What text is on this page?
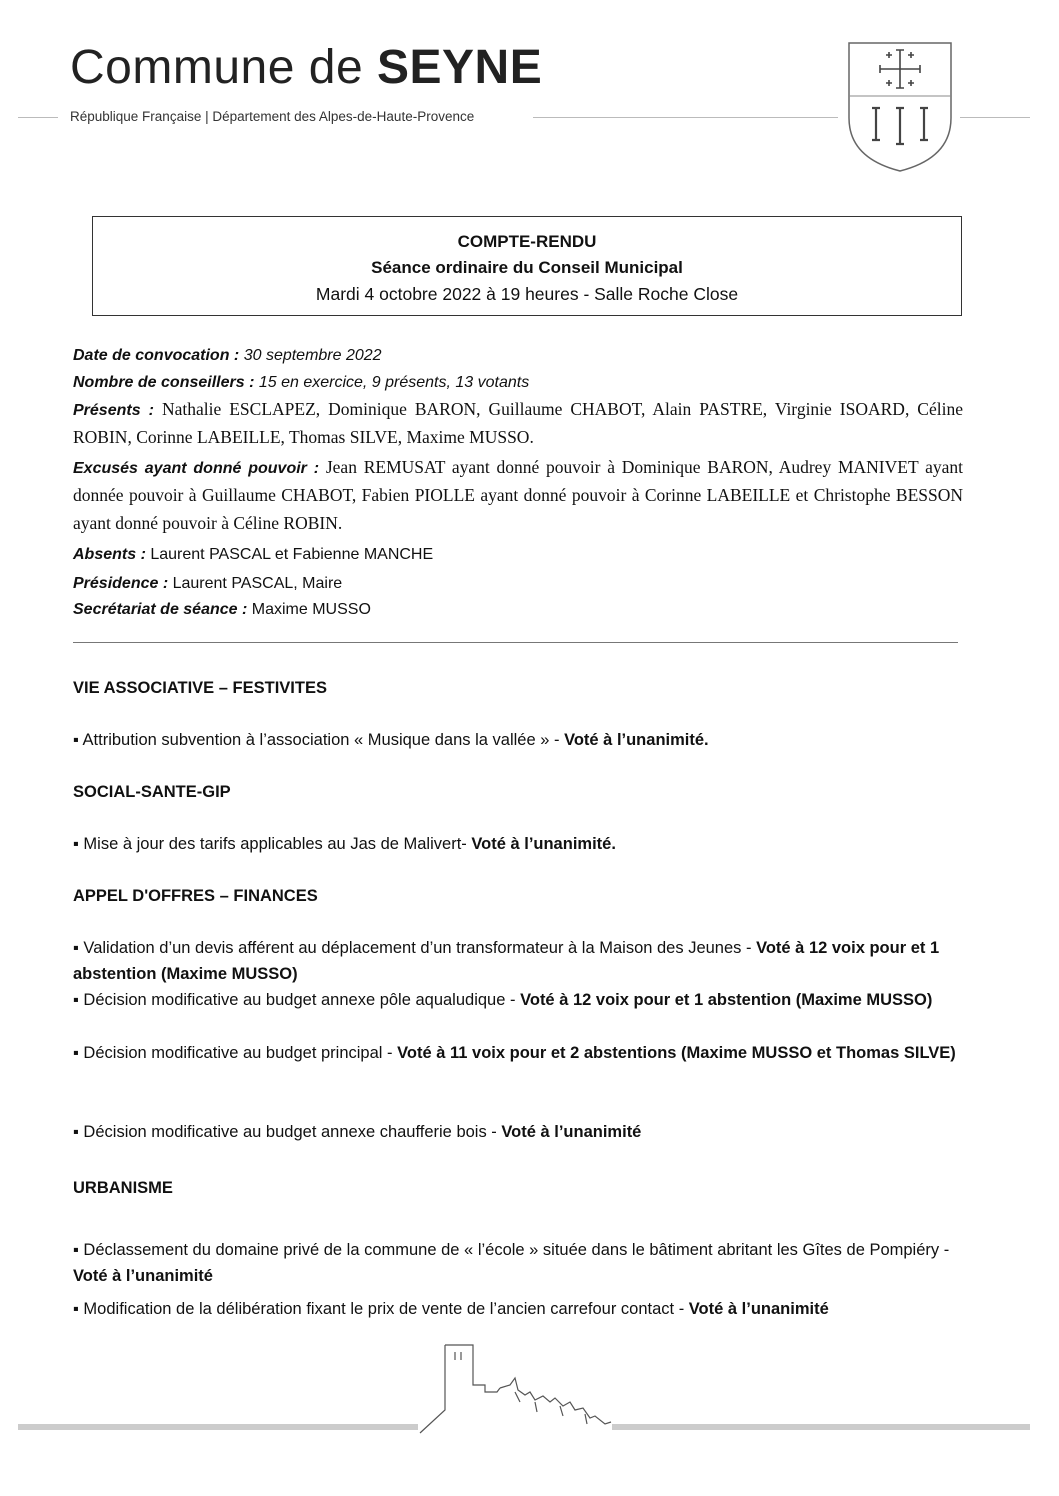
Commune de SEYNE
République Française | Département des Alpes-de-Haute-Provence
COMPTE-RENDU
Séance ordinaire du Conseil Municipal
Mardi 4 octobre 2022 à 19 heures - Salle Roche Close
Date de convocation : 30 septembre 2022
Nombre de conseillers : 15 en exercice, 9 présents, 13 votants
Présents : Nathalie ESCLAPEZ, Dominique BARON, Guillaume CHABOT, Alain PASTRE, Virginie ISOARD, Céline ROBIN, Corinne LABEILLE, Thomas SILVE, Maxime MUSSO.
Excusés ayant donné pouvoir : Jean REMUSAT ayant donné pouvoir à Dominique BARON, Audrey MANIVET ayant donnée pouvoir à Guillaume CHABOT, Fabien PIOLLE ayant donné pouvoir à Corinne LABEILLE et Christophe BESSON ayant donné pouvoir à Céline ROBIN.
Absents : Laurent PASCAL et Fabienne MANCHE
Présidence : Laurent PASCAL, Maire
Secrétariat de séance : Maxime MUSSO
VIE ASSOCIATIVE – FESTIVITES
▪ Attribution subvention à l’association « Musique dans la vallée » - Voté à l’unanimité.
SOCIAL-SANTE-GIP
▪ Mise à jour des tarifs applicables au Jas de Malivert- Voté à l’unanimité.
APPEL D'OFFRES – FINANCES
▪ Validation d’un devis afférent au déplacement d’un transformateur à la Maison des Jeunes - Voté à 12 voix pour et 1 abstention (Maxime MUSSO)
▪ Décision modificative au budget annexe pôle aqualudique - Voté à 12 voix pour et 1 abstention (Maxime MUSSO)
▪ Décision modificative au budget principal - Voté à 11 voix pour et 2 abstentions (Maxime MUSSO et Thomas SILVE)
▪ Décision modificative au budget annexe chaufferie bois - Voté à l’unanimité
URBANISME
▪ Déclassement du domaine privé de la commune de « l’école » située dans le bâtiment abritant les Gîtes de Pompiéry - Voté à l’unanimité
▪ Modification de la délibération fixant le prix de vente de l’ancien carrefour contact - Voté à l’unanimité
